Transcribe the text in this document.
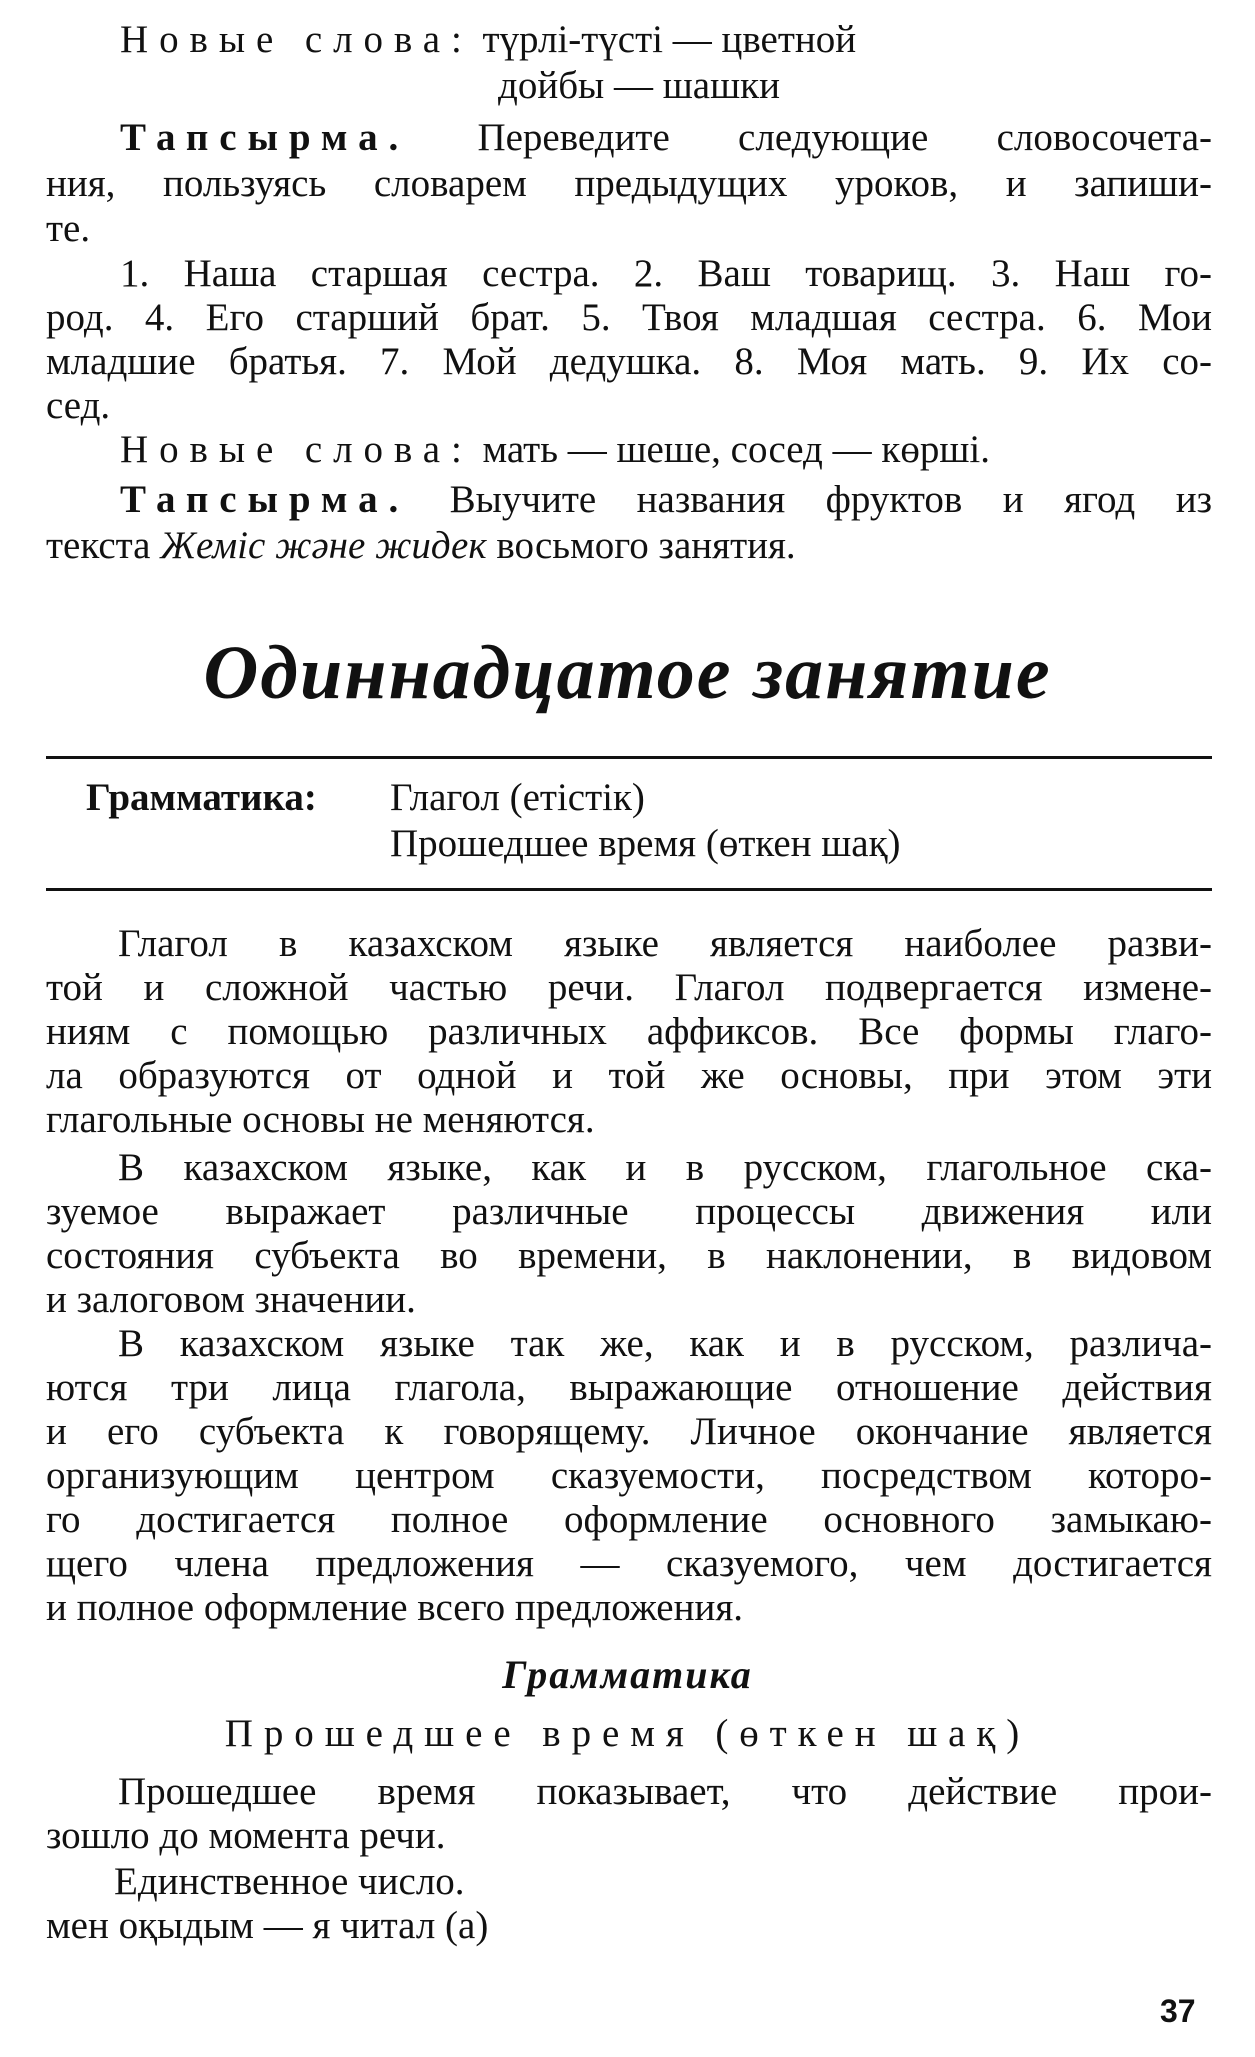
Новые слова: түрлі-түсті — цветной
дойбы — шашки
Тапсырма. Переведите следующие словосочета-
ния, пользуясь словарем предыдущих уроков, и запиши-
те.
1. Наша старшая сестра. 2. Ваш товарищ. 3. Наш го-
род. 4. Его старший брат. 5. Твоя младшая сестра. 6. Мои
младшие братья. 7. Мой дедушка. 8. Моя мать. 9. Их со-
сед.
Новые слова: мать — шеше, сосед — көршi.
Тапсырма. Выучите названия фруктов и ягод из
текста Жемiс және жидек восьмого занятия.
Одиннадцатое занятие
Грамматика: Глагол (етiстiк)
Прошедшее время (өткен шақ)
Глагол в казахском языке является наиболее разви-
той и сложной частью речи. Глагол подвергается измене-
ниям с помощью различных аффиксов. Все формы глаго-
ла образуются от одной и той же основы, при этом эти
глагольные основы не меняются.
В казахском языке, как и в русском, глагольное ска-
зуемое выражает различные процессы движения или
состояния субъекта во времени, в наклонении, в видовом
и залоговом значении.
В казахском языке так же, как и в русском, различа-
ются три лица глагола, выражающие отношение действия
и его субъекта к говорящему. Личное окончание является
организующим центром сказуемости, посредством которо-
го достигается полное оформление основного замыкаю-
щего члена предложения — сказуемого, чем достигается
и полное оформление всего предложения.
Грамматика
Прошедшее время (өткен шақ)
Прошедшее время показывает, что действие прои-
зошло до момента речи.
Единственное число.
мен оқыдым — я читал (а)
37
